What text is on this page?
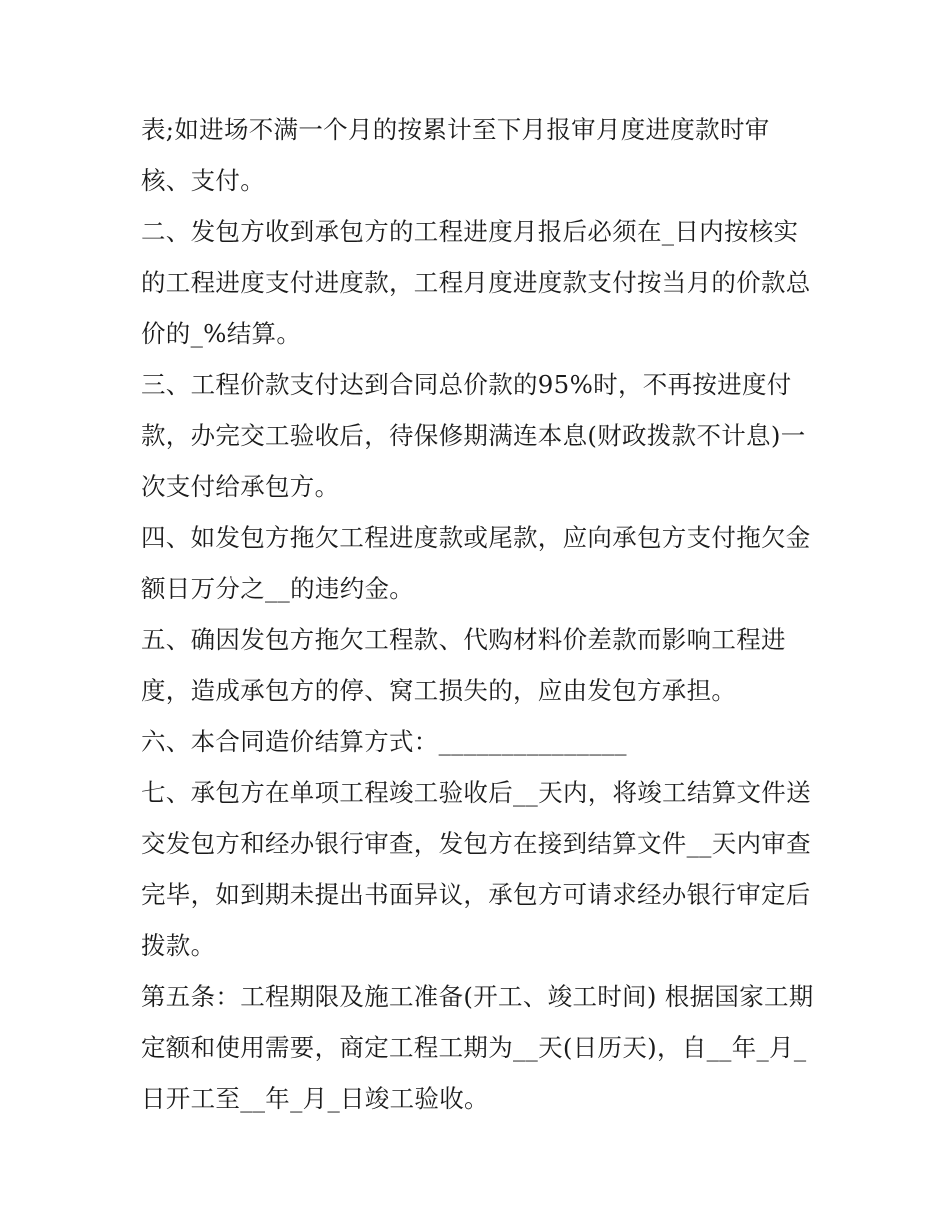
表;如进场不满一个月的按累计至下月报审月度进度款时审
核、支付。
二、发包方收到承包方的工程进度月报后必须在_日内按核实
的工程进度支付进度款，工程月度进度款支付按当月的价款总
价的_%结算。
三、工程价款支付达到合同总价款的95%时，不再按进度付
款，办完交工验收后，待保修期满连本息(财政拨款不计息)一
次支付给承包方。
四、如发包方拖欠工程进度款或尾款，应向承包方支付拖欠金
额日万分之__的违约金。
五、确因发包方拖欠工程款、代购材料价差款而影响工程进
度，造成承包方的停、窝工损失的，应由发包方承担。
六、本合同造价结算方式：_______________
七、承包方在单项工程竣工验收后__天内，将竣工结算文件送
交发包方和经办银行审查，发包方在接到结算文件__天内审查
完毕，如到期未提出书面异议，承包方可请求经办银行审定后
拨款。
第五条：工程期限及施工准备(开工、竣工时间) 根据国家工期
定额和使用需要，商定工程工期为__天(日历天)，自__年_月_
日开工至__年_月_日竣工验收。
